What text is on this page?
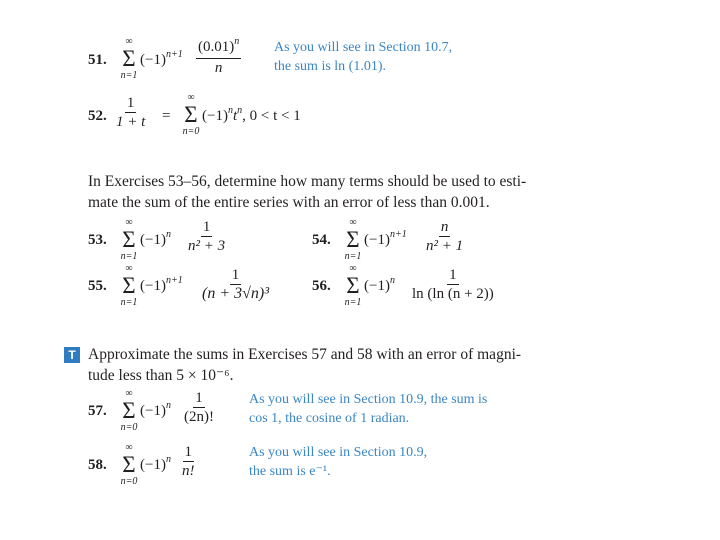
51.
∞
Σ
n=1
$(-1)^{n+1} \frac{(0.01)^n}{n}$ As you will see in Section 10.7,
the sum is ln (1.01).
52. $\frac{1}{1 + t}$ =
∞
Σ
n=0
$(-1)^nt^n$, 0 < t < 1
In Exercises 53–56, determine how many terms should be used to esti-
mate the sum of the entire series with an error of less than 0.001.
53.
∞
Σ
n=1
$(-1)^n \frac{1}{\text{n² + 3}}$	54.
∞
Σ
n=1
$(-1)^{n+1} \frac{n}{\text{n² + 1}}$
55.
∞
Σ
n=1
$(-1)^{n+1} \frac{1}{\text{(n + 3√n)³}}$	56.
∞
Σ
n=1
$(-1)^n \frac{1}{\ln (\ln (n + 2))}$
T Approximate the sums in Exercises 57 and 58 with an error of magni-
tude less than 5 × 10⁻⁶.
57.
∞
Σ
n=0
$(-1)^n \frac{1}{(2n)!}$ As you will see in Section 10.9, the sum is
cos 1, the cosine of 1 radian.
58.
∞
Σ
n=0
$(-1)^n \frac{1}{n!}$	As you will see in Section 10.9,
the sum is e⁻¹.
